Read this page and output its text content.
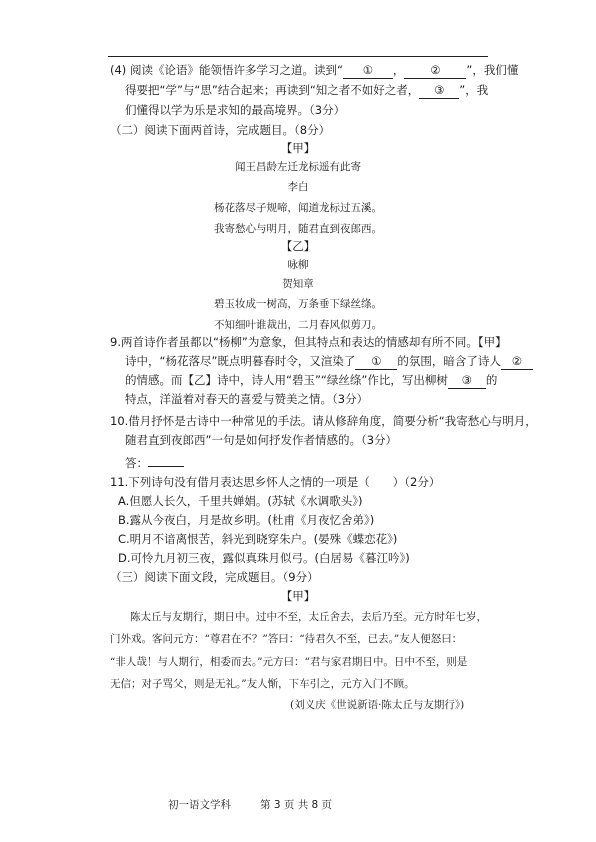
(4) 阅读《论语》能领悟许多学习之道。读到“ ① ， ② ”，我们懂
得要把“学”与“思”结合起来；再读到“知之者不如好之者， ③ ”，我
们懂得以学为乐是求知的最高境界。（3分）
（二）阅读下面两首诗，完成题目。（8分）
【甲】
闻王昌龄左迁龙标遥有此寄
李白
杨花落尽子规啼，闻道龙标过五溪。
我寄愁心与明月，随君直到夜郎西。
【乙】
咏柳
贺知章
碧玉妆成一树高，万条垂下绿丝绦。
不知细叶谁裁出，二月春风似剪刀。
9.两首诗作者虽都以“杨柳”为意象，但其特点和表达的情感却有所不同。【甲】
诗中，“杨花落尽”既点明暮春时令，又渲染了 ① 的氛围，暗含了诗人 ②
的情感。而【乙】诗中，诗人用“碧玉”“绿丝绦”作比，写出柳树 ③ 的
特点，洋溢着对春天的喜爱与赞美之情。（3分）
10.借月抒怀是古诗中一种常见的手法。请从修辞角度，简要分析“我寄愁心与明月，
随君直到夜郎西”一句是如何抒发作者情感的。（3分）
答：
11.下列诗句没有借月表达思乡怀人之情的一项是（　　）（2分）
A.但愿人长久，千里共婵娟。(苏轼《水调歌头》)
B.露从今夜白，月是故乡明。(杜甫《月夜忆舍弟》)
C.明月不谙离恨苦，斜光到晓穿朱户。(晏殊《蝶恋花》)
D.可怜九月初三夜，露似真珠月似弓。(白居易《暮江吟》)
（三）阅读下面文段，完成题目。（9分）
【甲】
陈太丘与友期行，期日中。过中不至，太丘舍去，去后乃至。元方时年七岁，
门外戏。客问元方：“尊君在不？”答曰：“待君久不至，已去。”友人便怒曰：
“非人哉！与人期行，相委而去。”元方曰：“君与家君期日中。日中不至，则是
无信；对子骂父，则是无礼。”友人惭，下车引之，元方入门不顾。
(刘义庆《世说新语·陈太丘与友期行》)
初一语文学科	第 3 页 共 8 页
